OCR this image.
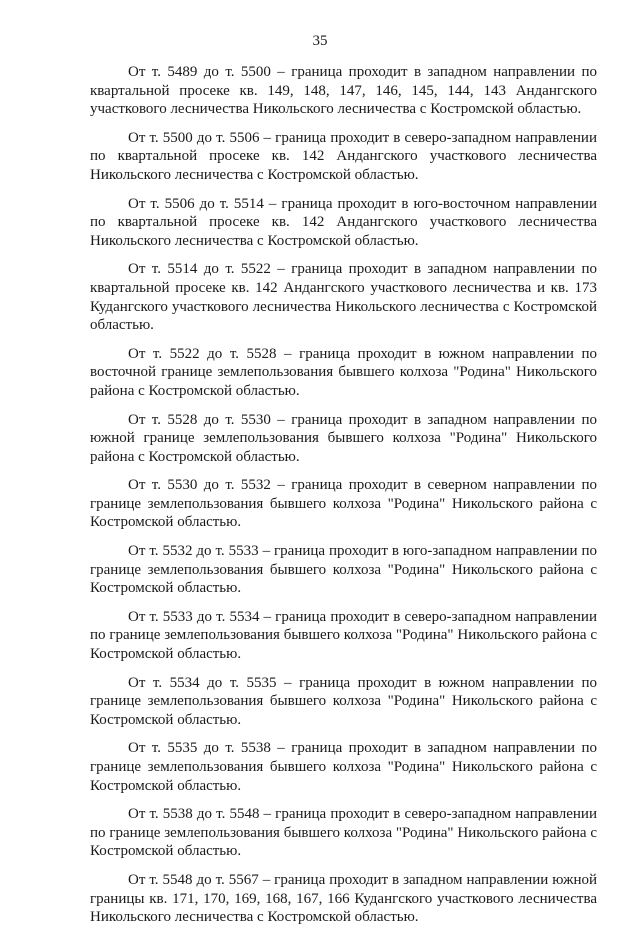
35

От т. 5489 до т. 5500 – граница проходит в западном направлении по квартальной просеке кв. 149, 148, 147, 146, 145, 144, 143 Андангского участкового лесничества Никольского лесничества с Костромской областью.

От т. 5500 до т. 5506 – граница проходит в северо-западном направлении по квартальной просеке кв. 142 Андангского участкового лесничества Никольского лесничества с Костромской областью.

От т. 5506 до т. 5514 – граница проходит в юго-восточном направлении по квартальной просеке кв. 142 Андангского участкового лесничества Никольского лесничества с Костромской областью.

От т. 5514 до т. 5522 – граница проходит в западном направлении по квартальной просеке кв. 142 Андангского участкового лесничества и кв. 173 Кудангского участкового лесничества Никольского лесничества с Костромской областью.

От т. 5522 до т. 5528 – граница проходит в южном направлении по восточной границе землепользования бывшего колхоза "Родина" Никольского района с Костромской областью.

От т. 5528 до т. 5530 – граница проходит в западном направлении по южной границе землепользования бывшего колхоза "Родина" Никольского района с Костромской областью.

От т. 5530 до т. 5532 – граница проходит в северном направлении по границе землепользования бывшего колхоза "Родина" Никольского района с Костромской областью.

От т. 5532 до т. 5533 – граница проходит в юго-западном направлении по границе землепользования бывшего колхоза "Родина" Никольского района с Костромской областью.

От т. 5533 до т. 5534 – граница проходит в северо-западном направлении по границе землепользования бывшего колхоза "Родина" Никольского района с Костромской областью.

От т. 5534 до т. 5535 – граница проходит в южном направлении по границе землепользования бывшего колхоза "Родина" Никольского района с Костромской областью.

От т. 5535 до т. 5538 – граница проходит в западном направлении по границе землепользования бывшего колхоза "Родина" Никольского района с Костромской областью.

От т. 5538 до т. 5548 – граница проходит в северо-западном направлении по границе землепользования бывшего колхоза "Родина" Никольского района с Костромской областью.

От т. 5548 до т. 5567 – граница проходит в западном направлении южной границы кв. 171, 170, 169, 168, 167, 166 Кудангского участкового лесничества Никольского лесничества с Костромской областью.
